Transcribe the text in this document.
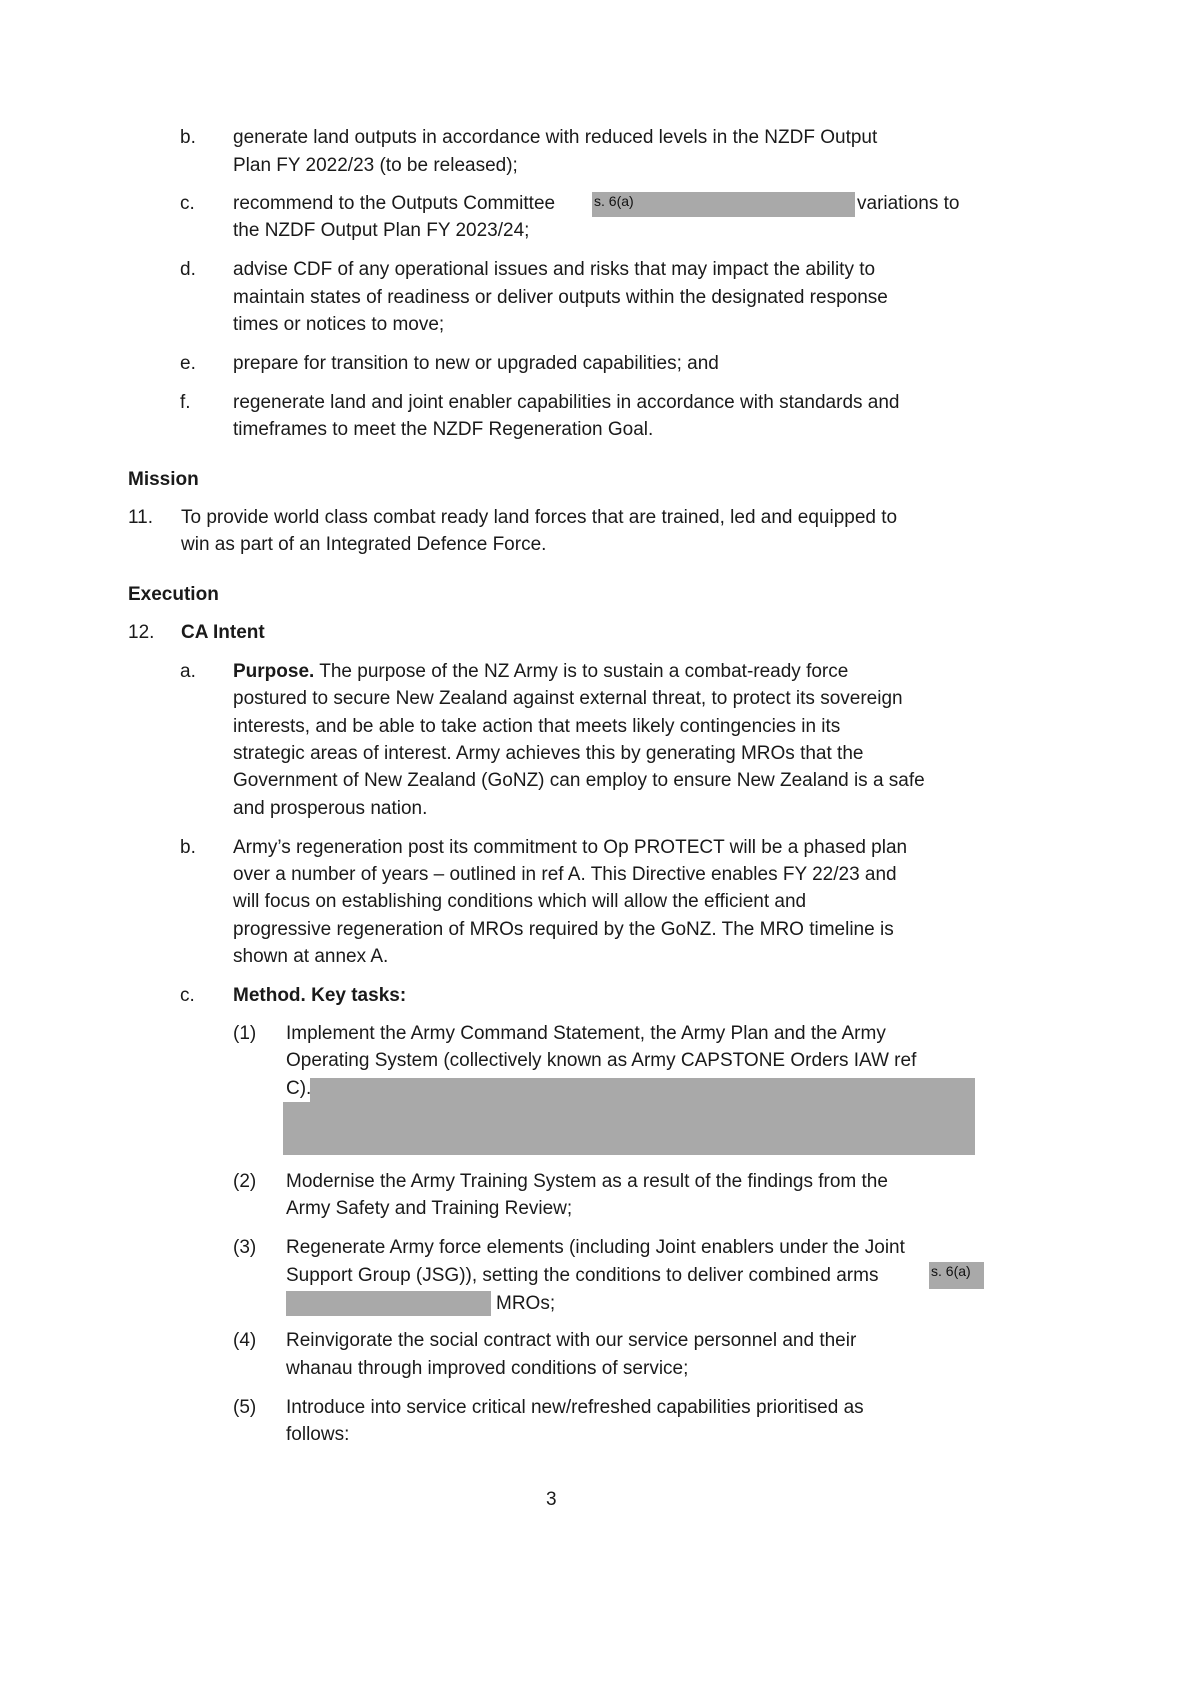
b. generate land outputs in accordance with reduced levels in the NZDF Output
Plan FY 2022/23 (to be released);
c. recommend to the Outputs Committee	s. 6(a)	variations to
the NZDF Output Plan FY 2023/24;
d. advise CDF of any operational issues and risks that may impact the ability to
maintain states of readiness or deliver outputs within the designated response
times or notices to move;
e. prepare for transition to new or upgraded capabilities; and
f. regenerate land and joint enabler capabilities in accordance with standards and
timeframes to meet the NZDF Regeneration Goal.
Mission
11. To provide world class combat ready land forces that are trained, led and equipped to
win as part of an Integrated Defence Force.
Execution
12. CA Intent
a. Purpose. The purpose of the NZ Army is to sustain a combat-ready force
postured to secure New Zealand against external threat, to protect its sovereign
interests, and be able to take action that meets likely contingencies in its
strategic areas of interest. Army achieves this by generating MROs that the
Government of New Zealand (GoNZ) can employ to ensure New Zealand is a safe
and prosperous nation.
b. Army’s regeneration post its commitment to Op PROTECT will be a phased plan
over a number of years – outlined in ref A. This Directive enables FY 22/23 and
will focus on establishing conditions which will allow the efficient and
progressive regeneration of MROs required by the GoNZ. The MRO timeline is
shown at annex A.
c. Method. Key tasks:
(1) Implement the Army Command Statement, the Army Plan and the Army
Operating System (collectively known as Army CAPSTONE Orders IAW ref
C).
(2) Modernise the Army Training System as a result of the findings from the
Army Safety and Training Review;
(3) Regenerate Army force elements (including Joint enablers under the Joint
Support Group (JSG)), setting the conditions to deliver combined arms	s. 6(a)
MROs;
(4) Reinvigorate the social contract with our service personnel and their
whanau through improved conditions of service;
(5) Introduce into service critical new/refreshed capabilities prioritised as
follows:
3
